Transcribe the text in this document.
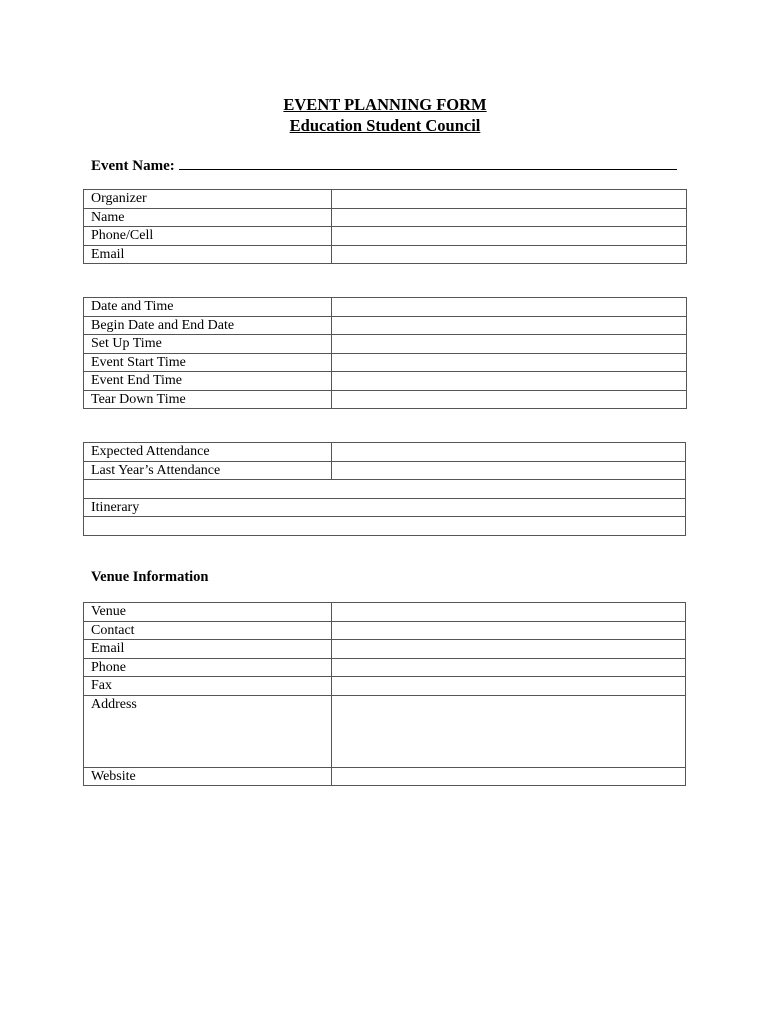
EVENT PLANNING FORM
Education Student Council
Event Name:
Organizer	
Name	
Phone/Cell	
Email	
Date and Time	
Begin Date and End Date	
Set Up Time	
Event Start Time	
Event End Time	
Tear Down Time	
Expected Attendance	
Last Year’s Attendance	

Itinerary	

Venue Information
Venue	
Contact	
Email	
Phone	
Fax	
Address	
Website	
